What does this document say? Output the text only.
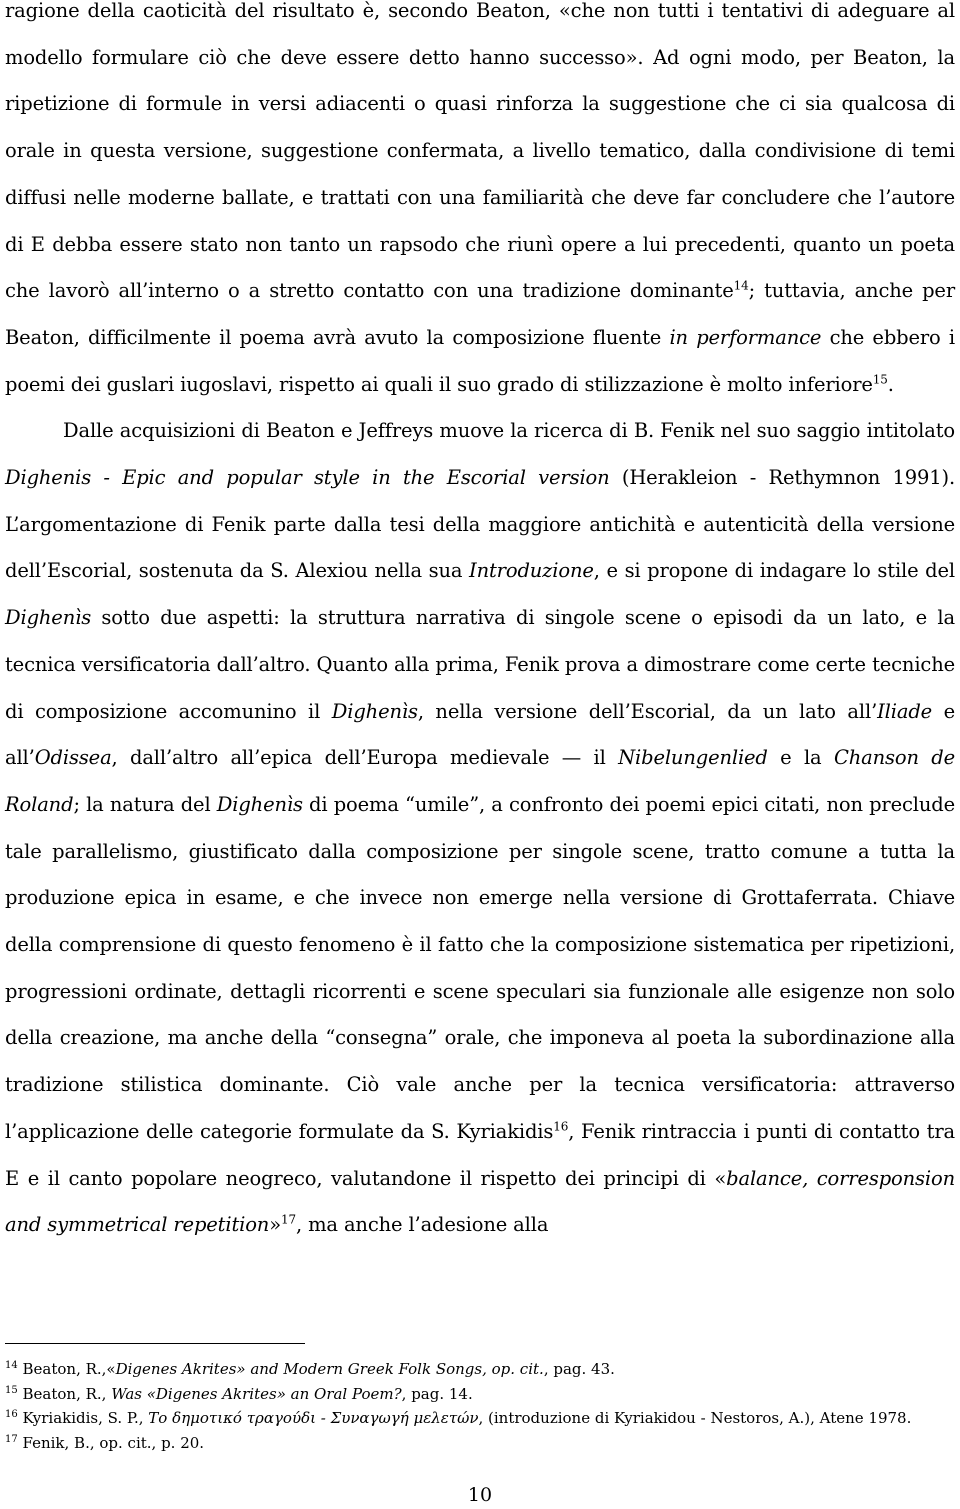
ragione della caoticità del risultato è, secondo Beaton, «che non tutti i tentativi di adeguare al modello formulare ciò che deve essere detto hanno successo». Ad ogni modo, per Beaton, la ripetizione di formule in versi adiacenti o quasi rinforza la suggestione che ci sia qualcosa di orale in questa versione, suggestione confermata, a livello tematico, dalla condivisione di temi diffusi nelle moderne ballate, e trattati con una familiarità che deve far concludere che l’autore di E debba essere stato non tanto un rapsodo che riunì opere a lui precedenti, quanto un poeta che lavorò all’interno o a stretto contatto con una tradizione dominante$^{14}$; tuttavia, anche per Beaton, difficilmente il poema avrà avuto la composizione fluente in performance che ebbero i poemi dei guslari iugoslavi, rispetto ai quali il suo grado di stilizzazione è molto inferiore$^{15}$.

Dalle acquisizioni di Beaton e Jeffreys muove la ricerca di B. Fenik nel suo saggio intitolato Dighenis - Epic and popular style in the Escorial version (Herakleion - Rethymnon 1991). L’argomentazione di Fenik parte dalla tesi della maggiore antichità e autenticità della versione dell’Escorial, sostenuta da S. Alexiou nella sua Introduzione, e si propone di indagare lo stile del Dighenìs sotto due aspetti: la struttura narrativa di singole scene o episodi da un lato, e la tecnica versificatoria dall’altro. Quanto alla prima, Fenik prova a dimostrare come certe tecniche di composizione accomunino il Dighenìs, nella versione dell’Escorial, da un lato all’Iliade e all’Odissea, dall’altro all’epica dell’Europa medievale — il Nibelungenlied e la Chanson de Roland; la natura del Dighenìs di poema “umile”, a confronto dei poemi epici citati, non preclude tale parallelismo, giustificato dalla composizione per singole scene, tratto comune a tutta la produzione epica in esame, e che invece non emerge nella versione di Grottaferrata. Chiave della comprensione di questo fenomeno è il fatto che la composizione sistematica per ripetizioni, progressioni ordinate, dettagli ricorrenti e scene speculari sia funzionale alle esigenze non solo della creazione, ma anche della “consegna” orale, che imponeva al poeta la subordinazione alla tradizione stilistica dominante. Ciò vale anche per la tecnica versificatoria: attraverso l’applicazione delle categorie formulate da S. Kyriakidis$^{16}$, Fenik rintraccia i punti di contatto tra E e il canto popolare neogreco, valutandone il rispetto dei principi di «balance, corresponsion and symmetrical repetition»$^{17}$, ma anche l’adesione alla

$^{14}$ Beaton, R.,«Digenes Akrites» and Modern Greek Folk Songs, op. cit., pag. 43.

$^{15}$ Beaton, R., Was «Digenes Akrites» an Oral Poem?, pag. 14.

$^{16}$ Kyriakidis, S. P., Το δημοτικό τραγούδι - Συναγωγή μελετών, (introduzione di Kyriakidou - Nestoros, A.), Atene 1978.

$^{17}$ Fenik, B., op. cit., p. 20.

10
